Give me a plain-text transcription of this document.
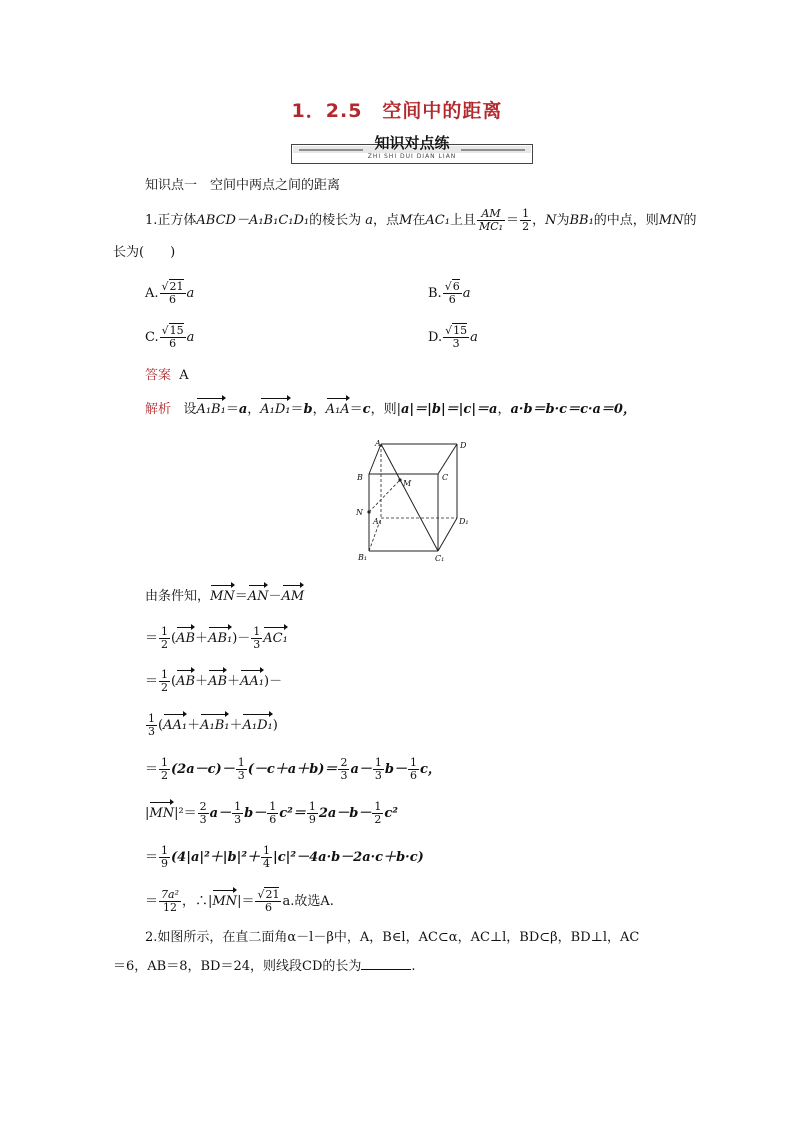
1．2.5　空间中的距离
知识对点练
ZHI SHI DUI DIAN LIAN
知识点一　空间中两点之间的距离
1.正方体ABCD－A₁B₁C₁D₁的棱长为 a，点M在AC₁上且 $\frac{AM}{\text{MC₁}} = \frac{1}{2}$ ，N为BB₁的中点，则MN的
长为(　　)
A. $\frac{√21}{6}$ a	B. $\frac{√6}{6}$ a
C. $\frac{√15}{6}$ a	D. $\frac{√15}{3}$ a
答案 A
解析 设A₁B₁＝a，A₁D₁＝b，A₁A＝c，则|a|＝|b|＝|c|＝a，a·b＝b·c＝c·a＝0，
A	D
B	C
M
N
A₁	D₁
B₁	C₁
由条件知，MN＝AN－AM
＝ $\frac{1}{2} (AB+AB_1)- \frac{1}{3} AC_1$
＝ $\frac{1}{2} (AB+AB+AA_1)-$
$\frac{1}{3} (AA_1+A_1B_1+A_1D_1)$
＝ $\frac{1}{2} (2a-c)- \frac{1}{3} (-c+a+b)= \frac{2}{3} a- \frac{1}{3} b- \frac{1}{6}$ c，
$|MN|^2= \frac{2}{3} a- \frac{1}{3} b- \frac{1}{6} c^2= \frac{1}{9} 2a-b- \frac{1}{2} c^2$
＝ $\frac{1}{9} (4|a|^2+|b|^2+ \frac{1}{4} |c|^2-4a\cdot b-2a\cdot c+b\cdot c)$
＝ $\frac{\text{7a²}}{12}$ ，∴|MN|＝ $\frac{√21}{6} a$.故选A.
2.如图所示，在直二面角α－l－β中，A，B∈l，AC⊂α，AC⊥l，BD⊂β，BD⊥l，AC
＝6，AB＝8，BD＝24，则线段CD的长为	.
